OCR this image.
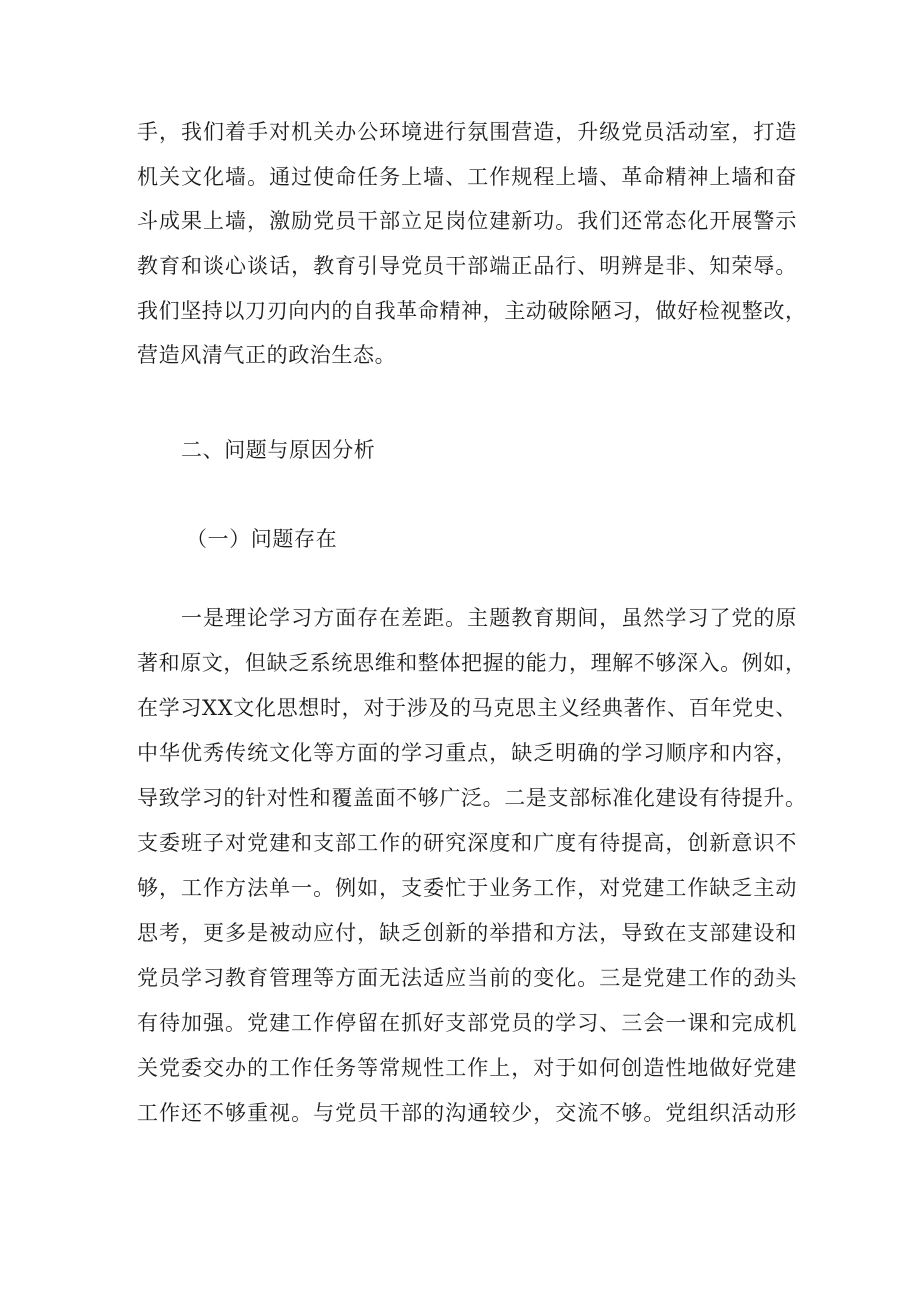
手，我们着手对机关办公环境进行氛围营造，升级党员活动室，打造
机关文化墙。通过使命任务上墙、工作规程上墙、革命精神上墙和奋
斗成果上墙，激励党员干部立足岗位建新功。我们还常态化开展警示
教育和谈心谈话，教育引导党员干部端正品行、明辨是非、知荣辱。
我们坚持以刀刃向内的自我革命精神，主动破除陋习，做好检视整改，
营造风清气正的政治生态。
二、问题与原因分析
（一）问题存在
一是理论学习方面存在差距。主题教育期间，虽然学习了党的原
著和原文，但缺乏系统思维和整体把握的能力，理解不够深入。例如，
在学习XX文化思想时，对于涉及的马克思主义经典著作、百年党史、
中华优秀传统文化等方面的学习重点，缺乏明确的学习顺序和内容，
导致学习的针对性和覆盖面不够广泛。二是支部标准化建设有待提升。
支委班子对党建和支部工作的研究深度和广度有待提高，创新意识不
够，工作方法单一。例如，支委忙于业务工作，对党建工作缺乏主动
思考，更多是被动应付，缺乏创新的举措和方法，导致在支部建设和
党员学习教育管理等方面无法适应当前的变化。三是党建工作的劲头
有待加强。党建工作停留在抓好支部党员的学习、三会一课和完成机
关党委交办的工作任务等常规性工作上，对于如何创造性地做好党建
工作还不够重视。与党员干部的沟通较少，交流不够。党组织活动形
